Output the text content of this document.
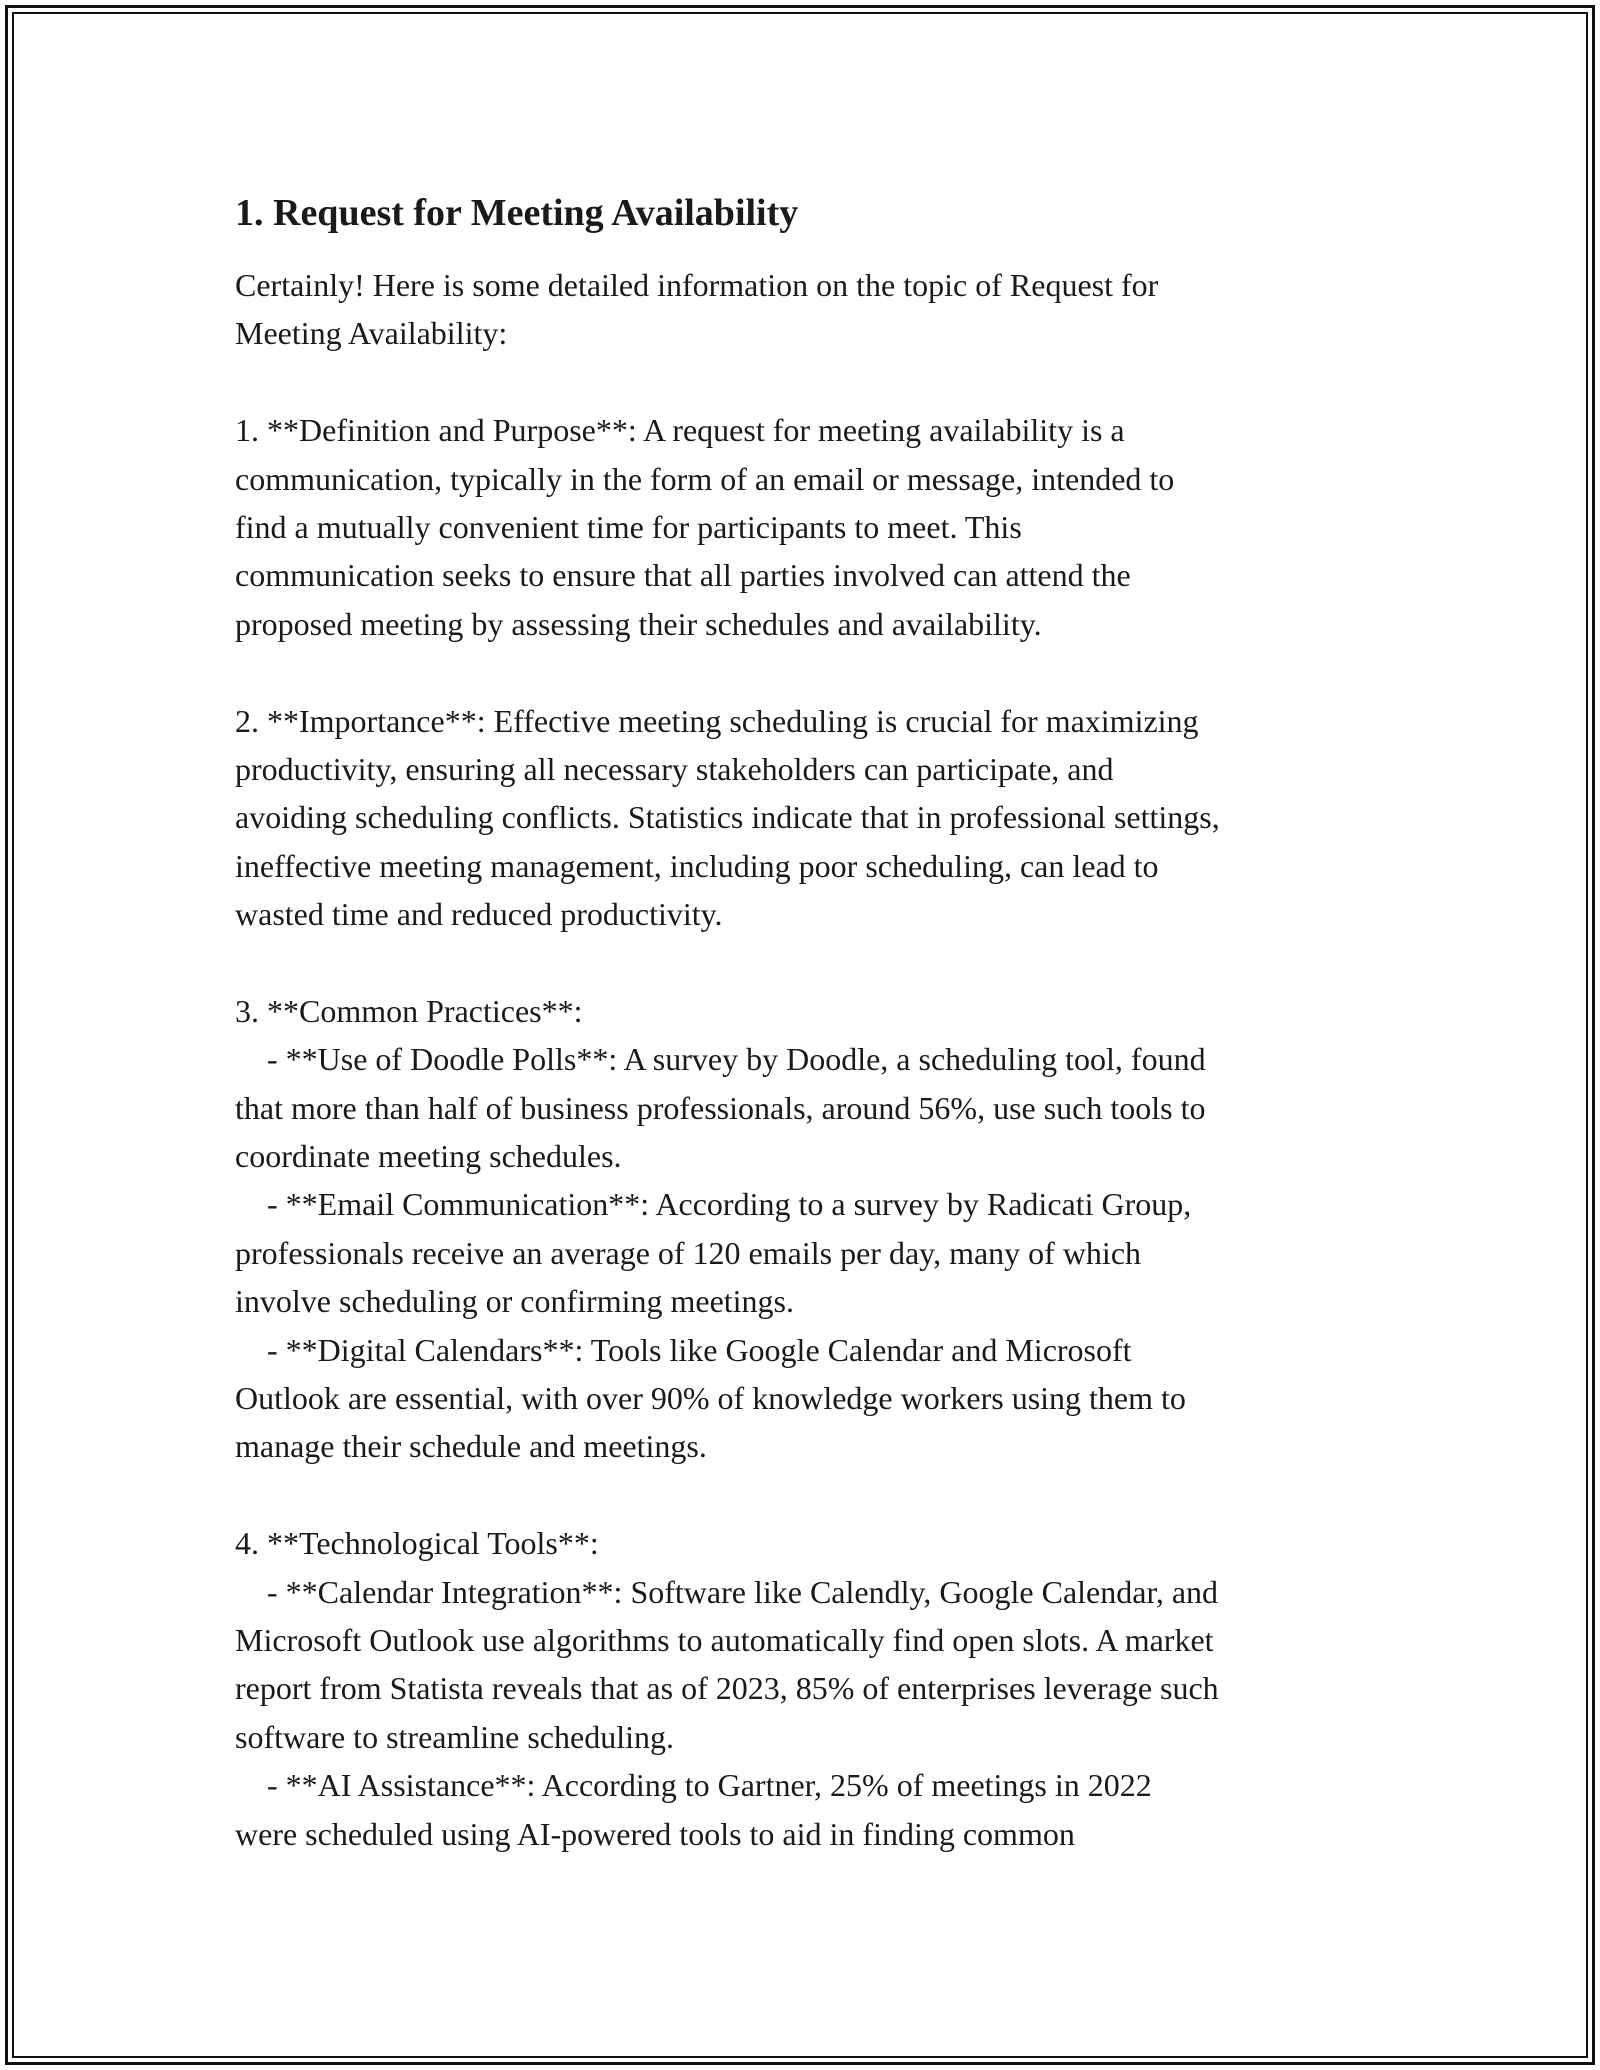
1. Request for Meeting Availability
Certainly! Here is some detailed information on the topic of Request for
Meeting Availability:
1. **Definition and Purpose**: A request for meeting availability is a
communication, typically in the form of an email or message, intended to
find a mutually convenient time for participants to meet. This
communication seeks to ensure that all parties involved can attend the
proposed meeting by assessing their schedules and availability.
2. **Importance**: Effective meeting scheduling is crucial for maximizing
productivity, ensuring all necessary stakeholders can participate, and
avoiding scheduling conflicts. Statistics indicate that in professional settings,
ineffective meeting management, including poor scheduling, can lead to
wasted time and reduced productivity.
3. **Common Practices**:
- **Use of Doodle Polls**: A survey by Doodle, a scheduling tool, found
that more than half of business professionals, around 56%, use such tools to
coordinate meeting schedules.
- **Email Communication**: According to a survey by Radicati Group,
professionals receive an average of 120 emails per day, many of which
involve scheduling or confirming meetings.
- **Digital Calendars**: Tools like Google Calendar and Microsoft
Outlook are essential, with over 90% of knowledge workers using them to
manage their schedule and meetings.
4. **Technological Tools**:
- **Calendar Integration**: Software like Calendly, Google Calendar, and
Microsoft Outlook use algorithms to automatically find open slots. A market
report from Statista reveals that as of 2023, 85% of enterprises leverage such
software to streamline scheduling.
- **AI Assistance**: According to Gartner, 25% of meetings in 2022
were scheduled using AI-powered tools to aid in finding common
